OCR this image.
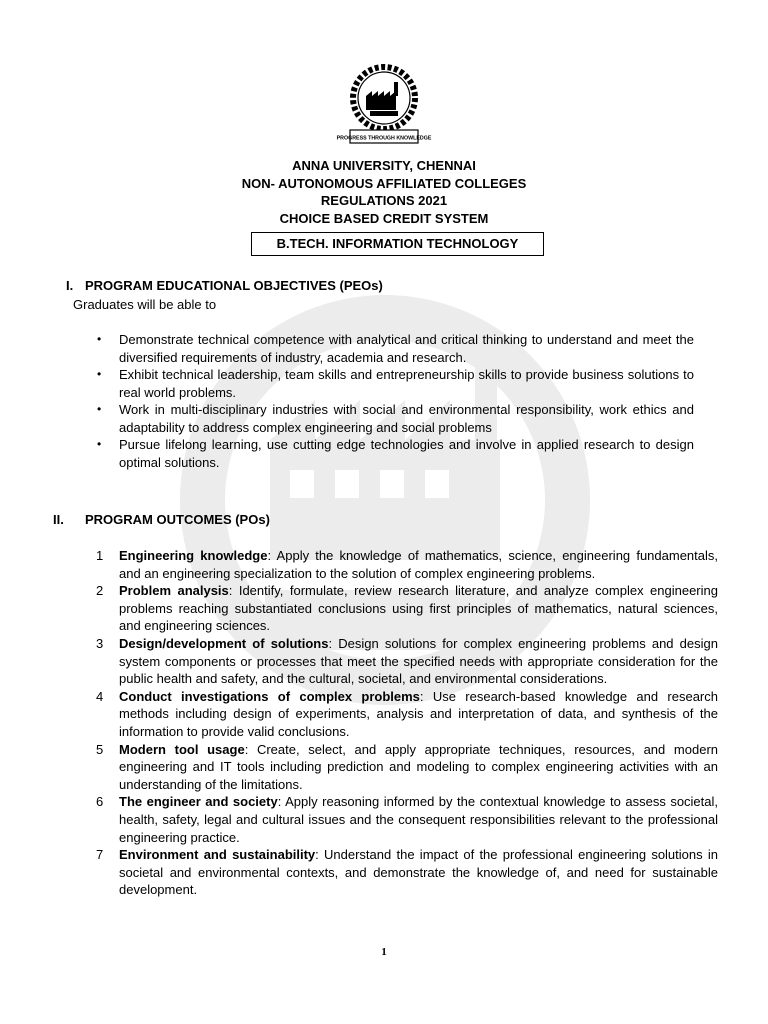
PROGRESS THROUGH KNOWLEDGE
ANNA UNIVERSITY, CHENNAI
NON- AUTONOMOUS AFFILIATED COLLEGES
REGULATIONS 2021
CHOICE BASED CREDIT SYSTEM
B.TECH. INFORMATION TECHNOLOGY
I. PROGRAM EDUCATIONAL OBJECTIVES (PEOs)
Graduates will be able to
• Demonstrate technical competence with analytical and critical thinking to understand and meet the diversified requirements of industry, academia and research.
• Exhibit technical leadership, team skills and entrepreneurship skills to provide business solutions to real world problems.
• Work in multi-disciplinary industries with social and environmental responsibility, work ethics and adaptability to address complex engineering and social problems
• Pursue lifelong learning, use cutting edge technologies and involve in applied research to design optimal solutions.
II. PROGRAM OUTCOMES (POs)
1 Engineering knowledge: Apply the knowledge of mathematics, science, engineering fundamentals, and an engineering specialization to the solution of complex engineering problems.
2 Problem analysis: Identify, formulate, review research literature, and analyze complex engineering problems reaching substantiated conclusions using first principles of mathematics, natural sciences, and engineering sciences.
3 Design/development of solutions: Design solutions for complex engineering problems and design system components or processes that meet the specified needs with appropriate consideration for the public health and safety, and the cultural, societal, and environmental considerations.
4 Conduct investigations of complex problems: Use research-based knowledge and research methods including design of experiments, analysis and interpretation of data, and synthesis of the information to provide valid conclusions.
5 Modern tool usage: Create, select, and apply appropriate techniques, resources, and modern engineering and IT tools including prediction and modeling to complex engineering activities with an understanding of the limitations.
6 The engineer and society: Apply reasoning informed by the contextual knowledge to assess societal, health, safety, legal and cultural issues and the consequent responsibilities relevant to the professional engineering practice.
7 Environment and sustainability: Understand the impact of the professional engineering solutions in societal and environmental contexts, and demonstrate the knowledge of, and need for sustainable development.
1
